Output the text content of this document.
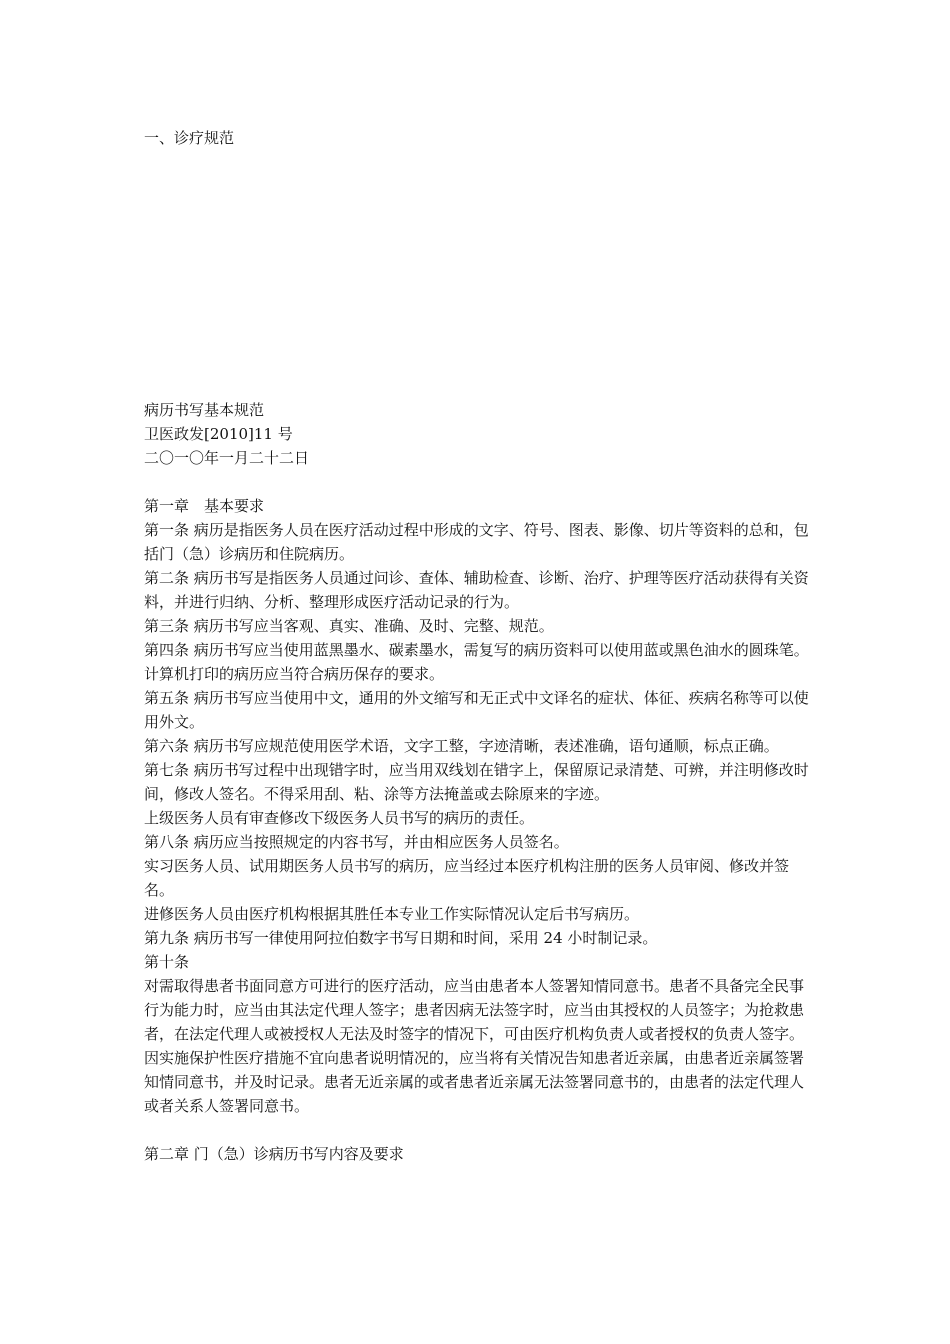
一、诊疗规范

病历书写基本规范

卫医政发[2010]11 号

二〇一〇年一月二十二日

第一章　基本要求

第一条 病历是指医务人员在医疗活动过程中形成的文字、符号、图表、影像、切片等资料的总和，包括门（急）诊病历和住院病历。

第二条 病历书写是指医务人员通过问诊、查体、辅助检查、诊断、治疗、护理等医疗活动获得有关资料，并进行归纳、分析、整理形成医疗活动记录的行为。

第三条 病历书写应当客观、真实、准确、及时、完整、规范。

第四条 病历书写应当使用蓝黑墨水、碳素墨水，需复写的病历资料可以使用蓝或黑色油水的圆珠笔。计算机打印的病历应当符合病历保存的要求。

第五条 病历书写应当使用中文，通用的外文缩写和无正式中文译名的症状、体征、疾病名称等可以使用外文。

第六条 病历书写应规范使用医学术语，文字工整，字迹清晰，表述准确，语句通顺，标点正确。

第七条 病历书写过程中出现错字时，应当用双线划在错字上，保留原记录清楚、可辨，并注明修改时间，修改人签名。不得采用刮、粘、涂等方法掩盖或去除原来的字迹。

上级医务人员有审查修改下级医务人员书写的病历的责任。

第八条 病历应当按照规定的内容书写，并由相应医务人员签名。

实习医务人员、试用期医务人员书写的病历，应当经过本医疗机构注册的医务人员审阅、修改并签名。

进修医务人员由医疗机构根据其胜任本专业工作实际情况认定后书写病历。

第九条 病历书写一律使用阿拉伯数字书写日期和时间，采用 24 小时制记录。

第十条

对需取得患者书面同意方可进行的医疗活动，应当由患者本人签署知情同意书。患者不具备完全民事行为能力时，应当由其法定代理人签字；患者因病无法签字时，应当由其授权的人员签字；为抢救患者，在法定代理人或被授权人无法及时签字的情况下，可由医疗机构负责人或者授权的负责人签字。

因实施保护性医疗措施不宜向患者说明情况的，应当将有关情况告知患者近亲属，由患者近亲属签署知情同意书，并及时记录。患者无近亲属的或者患者近亲属无法签署同意书的，由患者的法定代理人或者关系人签署同意书。

第二章 门（急）诊病历书写内容及要求
